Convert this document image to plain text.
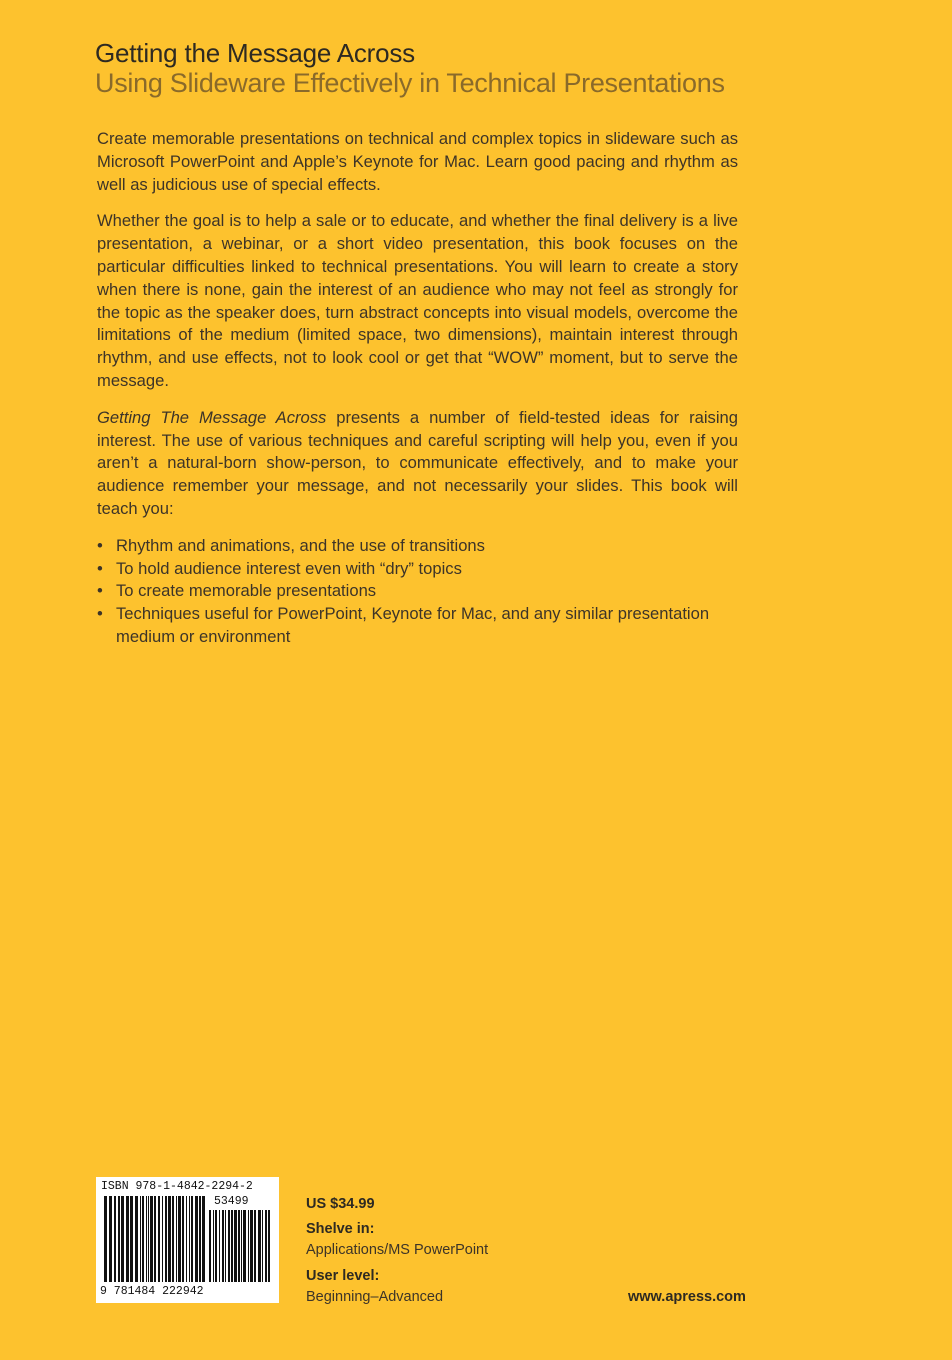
Getting the Message Across
Using Slideware Effectively in Technical Presentations

Create memorable presentations on technical and complex topics in slideware such as Microsoft PowerPoint and Apple’s Keynote for Mac. Learn good pacing and rhythm as well as judicious use of special effects.

Whether the goal is to help a sale or to educate, and whether the final delivery is a live presentation, a webinar, or a short video presentation, this book focuses on the particular difficulties linked to technical presentations. You will learn to create a story when there is none, gain the interest of an audience who may not feel as strongly for the topic as the speaker does, turn abstract concepts into visual models, overcome the limitations of the medium (limited space, two dimensions), maintain interest through rhythm, and use effects, not to look cool or get that “WOW” moment, but to serve the message.

Getting The Message Across presents a number of field-tested ideas for raising interest. The use of various techniques and careful scripting will help you, even if you aren’t a natural-born show-person, to communicate effectively, and to make your audience remember your message, and not necessarily your slides. This book will teach you:

• Rhythm and animations, and the use of transitions
• To hold audience interest even with “dry” topics
• To create memorable presentations
• Techniques useful for PowerPoint, Keynote for Mac, and any similar presentation medium or environment
ISBN 978-1-4842-2294-2
53499
9 781484 222942
US $34.99
Shelve in:
Applications/MS PowerPoint
User level:
Beginning–Advanced	www.apress.com
